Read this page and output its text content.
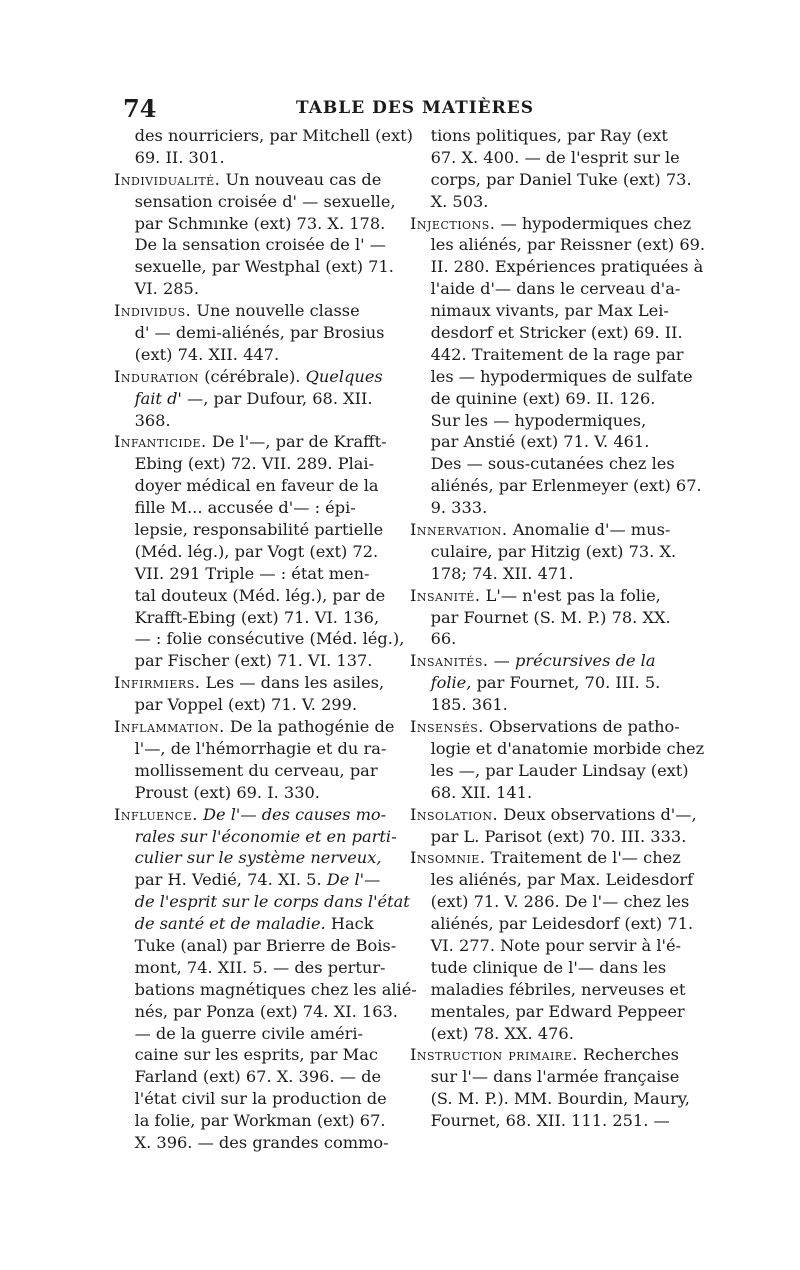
74	TABLE DES MATIÈRES
des nourriciers, par Mitchell (ext)
69. II. 301.
Individualité. Un nouveau cas de
sensation croisée d' — sexuelle,
par Schmınke (ext) 73. X. 178.
De la sensation croisée de l' —
sexuelle, par Westphal (ext) 71.
VI. 285.
Individus. Une nouvelle classe
d' — demi-aliénés, par Brosius
(ext) 74. XII. 447.
Induration (cérébrale). Quelques
fait d' —, par Dufour, 68. XII.
368.
Infanticide. De l'—, par de Krafft-
Ebing (ext) 72. VII. 289. Plai-
doyer médical en faveur de la
fille M... accusée d'— : épi-
lepsie, responsabilité partielle
(Méd. lég.), par Vogt (ext) 72.
VII. 291 Triple — : état men-
tal douteux (Méd. lég.), par de
Krafft-Ebing (ext) 71. VI. 136,
— : folie consécutive (Méd. lég.),
par Fischer (ext) 71. VI. 137.
Infirmiers. Les — dans les asiles,
par Voppel (ext) 71. V. 299.
Inflammation. De la pathogénie de
l'—, de l'hémorrhagie et du ra-
mollissement du cerveau, par
Proust (ext) 69. I. 330.
Influence. De l'— des causes mo-
rales sur l'économie et en parti-
culier sur le système nerveux,
par H. Vedié, 74. XI. 5. De l'—
de l'esprit sur le corps dans l'état
de santé et de maladie. Hack
Tuke (anal) par Brierre de Bois-
mont, 74. XII. 5. — des pertur-
bations magnétiques chez les alié-
nés, par Ponza (ext) 74. XI. 163.
— de la guerre civile améri-
caine sur les esprits, par Mac
Farland (ext) 67. X. 396. — de
l'état civil sur la production de
la folie, par Workman (ext) 67.
X. 396. — des grandes commo-
tions politiques, par Ray (ext
67. X. 400. — de l'esprit sur le
corps, par Daniel Tuke (ext) 73.
X. 503.
Injections. — hypodermiques chez
les aliénés, par Reissner (ext) 69.
II. 280. Expériences pratiquées à
l'aide d'— dans le cerveau d'a-
nimaux vivants, par Max Lei-
desdorf et Stricker (ext) 69. II.
442. Traitement de la rage par
les — hypodermiques de sulfate
de quinine (ext) 69. II. 126.
Sur les — hypodermiques,
par Anstié (ext) 71. V. 461.
Des — sous-cutanées chez les
aliénés, par Erlenmeyer (ext) 67.
9. 333.
Innervation. Anomalie d'— mus-
culaire, par Hitzig (ext) 73. X.
178; 74. XII. 471.
Insanité. L'— n'est pas la folie,
par Fournet (S. M. P.) 78. XX.
66.
Insanités. — précursives de la
folie, par Fournet, 70. III. 5.
185. 361.
Insensés. Observations de patho-
logie et d'anatomie morbide chez
les —, par Lauder Lindsay (ext)
68. XII. 141.
Insolation. Deux observations d'—,
par L. Parisot (ext) 70. III. 333.
Insomnie. Traitement de l'— chez
les aliénés, par Max. Leidesdorf
(ext) 71. V. 286. De l'— chez les
aliénés, par Leidesdorf (ext) 71.
VI. 277. Note pour servir à l'é-
tude clinique de l'— dans les
maladies fébriles, nerveuses et
mentales, par Edward Peppeer
(ext) 78. XX. 476.
Instruction primaire. Recherches
sur l'— dans l'armée française
(S. M. P.). MM. Bourdin, Maury,
Fournet, 68. XII. 111. 251. —
